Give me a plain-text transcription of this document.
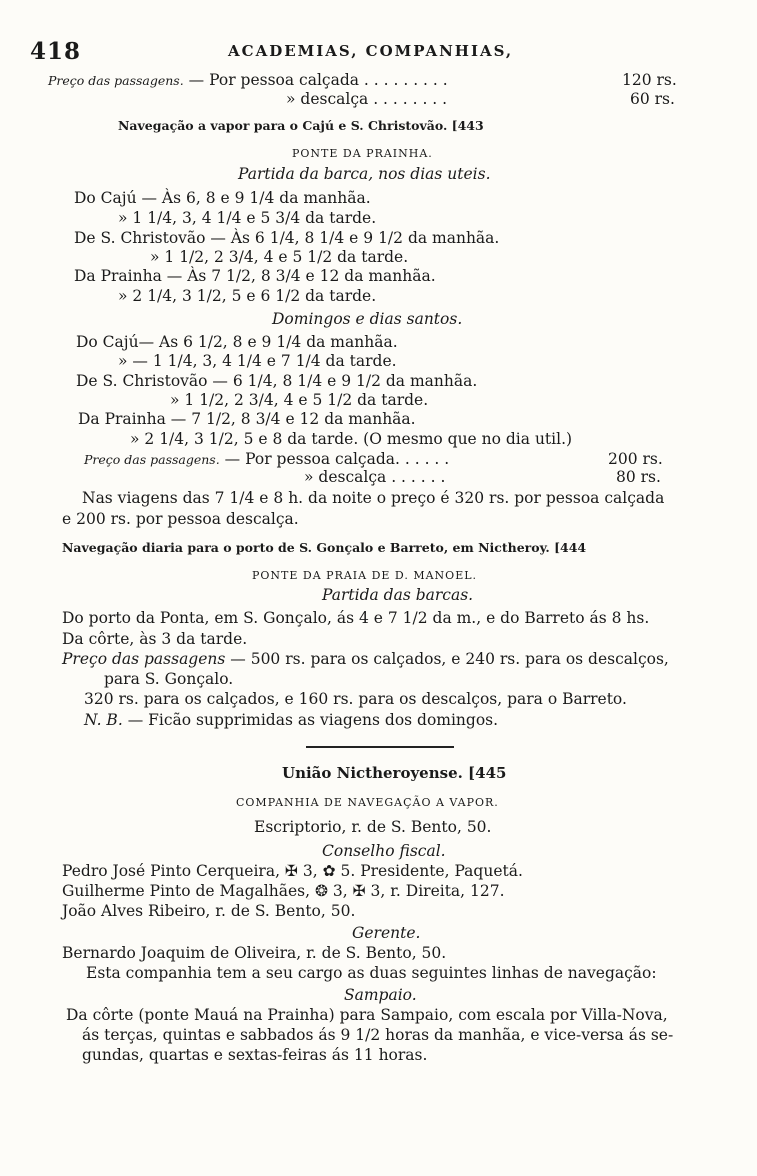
418	ACADEMIAS, COMPANHIAS,
Preço das passagens. — Por pessoa calçada . . . . . . . . .	120 rs.
» descalça . . . . . . . .	60 rs.
Navegação a vapor para o Cajú e S. Christovão. [443
PONTE DA PRAINHA.
Partida da barca, nos dias uteis.
Do Cajú — Às 6, 8 e 9 1/4 da manhãa.
» 1 1/4, 3, 4 1/4 e 5 3/4 da tarde.
De S. Christovão — Às 6 1/4, 8 1/4 e 9 1/2 da manhãa.
» 1 1/2, 2 3/4, 4 e 5 1/2 da tarde.
Da Prainha — Às 7 1/2, 8 3/4 e 12 da manhãa.
» 2 1/4, 3 1/2, 5 e 6 1/2 da tarde.
Domingos e dias santos.
Do Cajú— As 6 1/2, 8 e 9 1/4 da manhãa.
» — 1 1/4, 3, 4 1/4 e 7 1/4 da tarde.
De S. Christovão — 6 1/4, 8 1/4 e 9 1/2 da manhãa.
» 1 1/2, 2 3/4, 4 e 5 1/2 da tarde.
Da Prainha — 7 1/2, 8 3/4 e 12 da manhãa.
» 2 1/4, 3 1/2, 5 e 8 da tarde. (O mesmo que no dia util.)
Preço das passagens. — Por pessoa calçada. . . . . .	200 rs.
» descalça . . . . . .	80 rs.
Nas viagens das 7 1/4 e 8 h. da noite o preço é 320 rs. por pessoa calçada
e 200 rs. por pessoa descalça.
Navegação diaria para o porto de S. Gonçalo e Barreto, em Nictheroy. [444
PONTE DA PRAIA DE D. MANOEL.
Partida das barcas.
Do porto da Ponta, em S. Gonçalo, ás 4 e 7 1/2 da m., e do Barreto ás 8 hs.
Da côrte, às 3 da tarde.
Preço das passagens — 500 rs. para os calçados, e 240 rs. para os descalços,
para S. Gonçalo.
320 rs. para os calçados, e 160 rs. para os descalços, para o Barreto.
N. B. — Ficão supprimidas as viagens dos domingos.
União Nictheroyense. [445
COMPANHIA DE NAVEGAÇÃO A VAPOR.
Escriptorio, r. de S. Bento, 50.
Conselho fiscal.
Pedro José Pinto Cerqueira, ✠ 3, ✿ 5. Presidente, Paquetá.
Guilherme Pinto de Magalhães, ❂ 3, ✠ 3, r. Direita, 127.
João Alves Ribeiro, r. de S. Bento, 50.
Gerente.
Bernardo Joaquim de Oliveira, r. de S. Bento, 50.
Esta companhia tem a seu cargo as duas seguintes linhas de navegação:
Sampaio.
Da côrte (ponte Mauá na Prainha) para Sampaio, com escala por Villa-Nova,
ás terças, quintas e sabbados ás 9 1/2 horas da manhãa, e vice-versa ás se-
gundas, quartas e sextas-feiras ás 11 horas.
